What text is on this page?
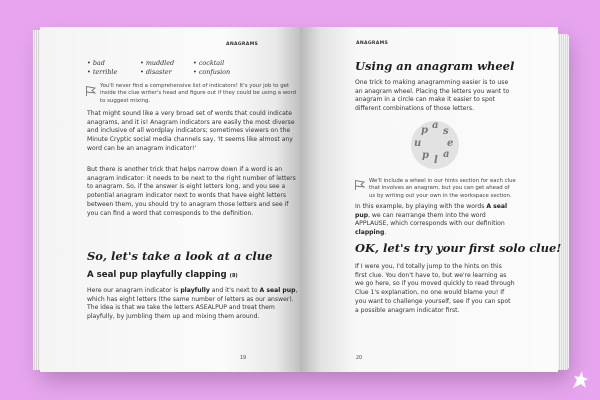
ANAGRAMS
• bad
• terrible
• muddled
• disaster
• cocktail
• confusion
You'll never find a comprehensive list of indicators! It's your job to get inside the clue writer's head and figure out if they could be using a word to suggest mixing.
That might sound like a very broad set of words that could indicate anagrams, and it is! Anagram indicators are easily the most diverse and inclusive of all wordplay indicators; sometimes viewers on the Minute Cryptic social media channels say, 'It seems like almost any word can be an anagram indicator!'
But there is another trick that helps narrow down if a word is an anagram indicator: it needs to be next to the right number of letters to anagram. So, if the answer is eight letters long, and you see a potential anagram indicator next to words that have eight letters between them, you should try to anagram those letters and see if you can find a word that corresponds to the definition.
So, let's take a look at a clue
A seal pup playfully clapping (8)
Here our anagram indicator is playfully and it's next to A seal pup, which has eight letters (the same number of letters as our answer). The idea is that we take the letters ASEALPUP and treat them playfully, by jumbling them up and mixing them around.
19
ANAGRAMS
Using an anagram wheel
One trick to making anagramming easier is to use an anagram wheel. Placing the letters you want to anagram in a circle can make it easier to spot different combinations of those letters.
p a
s
e
a
l
p
u
We'll include a wheel in our hints section for each clue that involves an anagram, but you can get ahead of us by writing out your own in the workspace section.
In this example, by playing with the words A seal pup, we can rearrange them into the word APPLAUSE, which corresponds with our definition clapping.
OK, let's try your first solo clue!
If I were you, I'd totally jump to the hints on this first clue. You don't have to, but we're learning as we go here, so if you moved quickly to read through Clue 1's explanation, no one would blame you! If you want to challenge yourself, see if you can spot a possible anagram indicator first.
20
